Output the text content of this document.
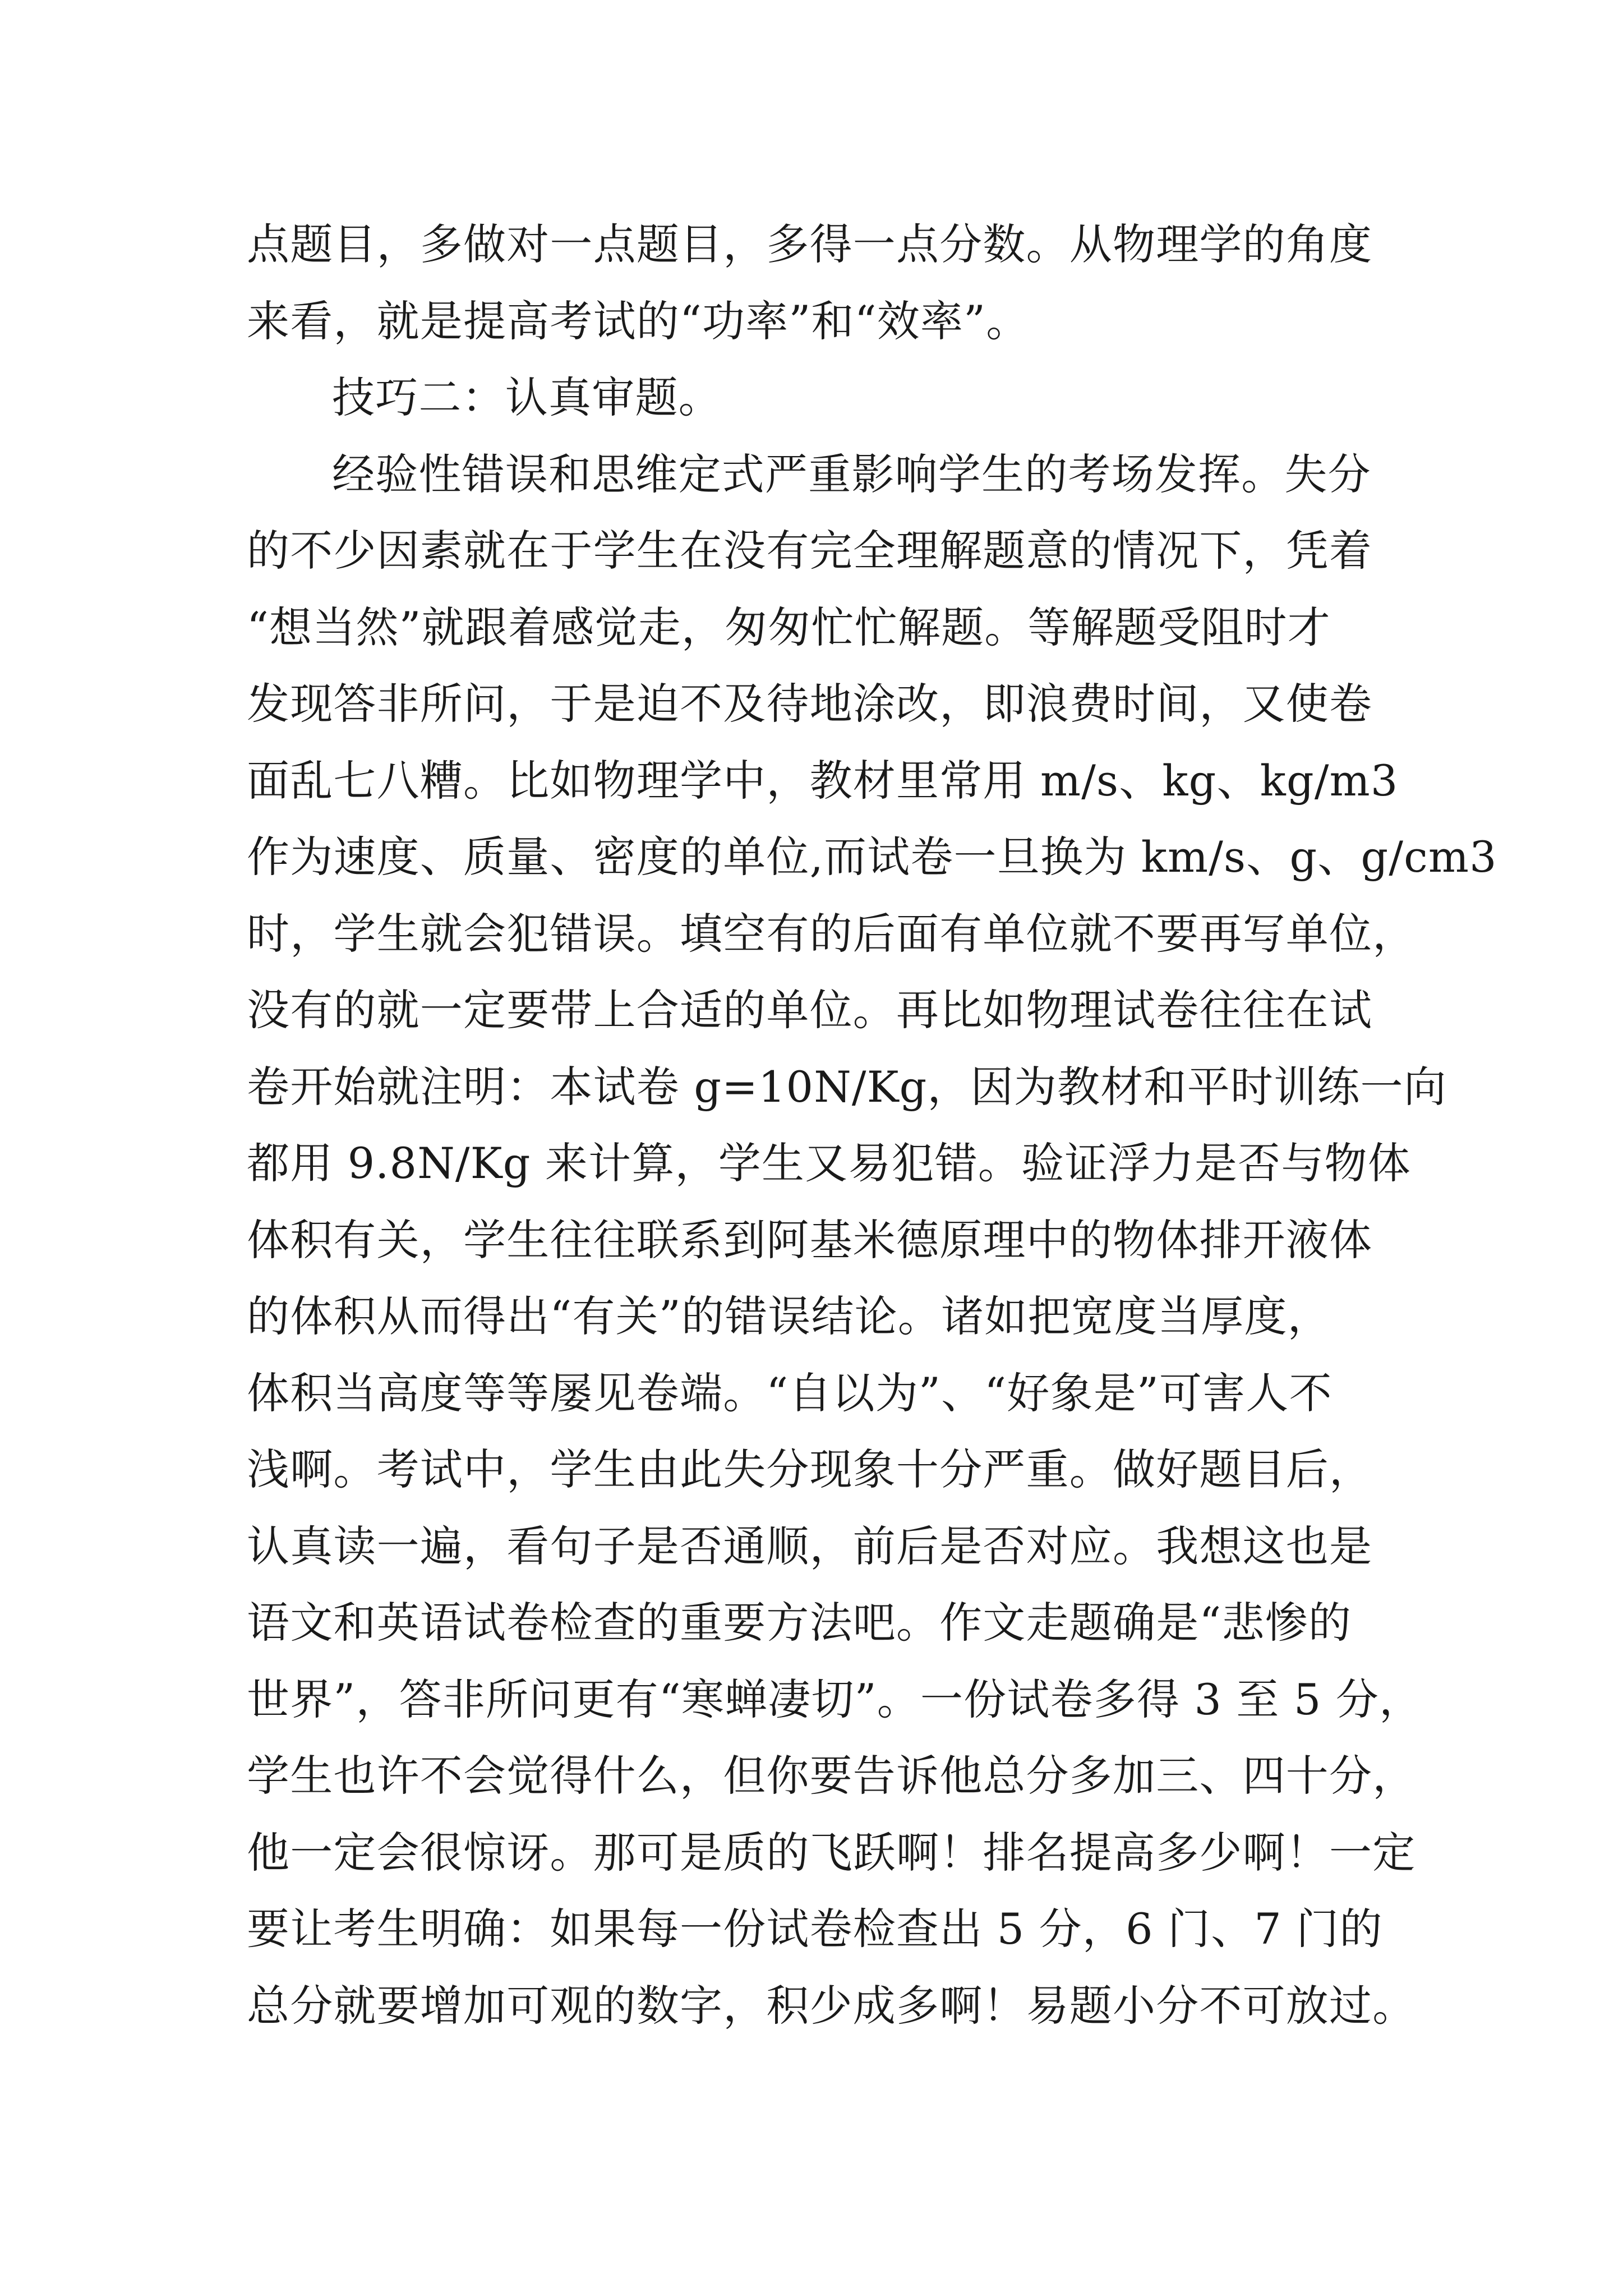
点题目，多做对一点题目，多得一点分数。从物理学的角度
来看，就是提高考试的“功率”和“效率”。
技巧二：认真审题。
经验性错误和思维定式严重影响学生的考场发挥。失分
的不少因素就在于学生在没有完全理解题意的情况下，凭着
“想当然”就跟着感觉走，匆匆忙忙解题。等解题受阻时才
发现答非所问，于是迫不及待地涂改，即浪费时间，又使卷
面乱七八糟。比如物理学中，教材里常用 m/s、kg、kg/m3
作为速度、质量、密度的单位,而试卷一旦换为 km/s、g、g/cm3
时，学生就会犯错误。填空有的后面有单位就不要再写单位，
没有的就一定要带上合适的单位。再比如物理试卷往往在试
卷开始就注明：本试卷 g=10N/Kg，因为教材和平时训练一向
都用 9.8N/Kg 来计算，学生又易犯错。验证浮力是否与物体
体积有关，学生往往联系到阿基米德原理中的物体排开液体
的体积从而得出“有关”的错误结论。诸如把宽度当厚度，
体积当高度等等屡见卷端。“自以为”、“好象是”可害人不
浅啊。考试中，学生由此失分现象十分严重。做好题目后，
认真读一遍，看句子是否通顺，前后是否对应。我想这也是
语文和英语试卷检查的重要方法吧。作文走题确是“悲惨的
世界”，答非所问更有“寒蝉凄切”。一份试卷多得 3 至 5 分，
学生也许不会觉得什么，但你要告诉他总分多加三、四十分，
他一定会很惊讶。那可是质的飞跃啊！排名提高多少啊！一定
要让考生明确：如果每一份试卷检查出 5 分，6 门、7 门的
总分就要增加可观的数字，积少成多啊！易题小分不可放过。
